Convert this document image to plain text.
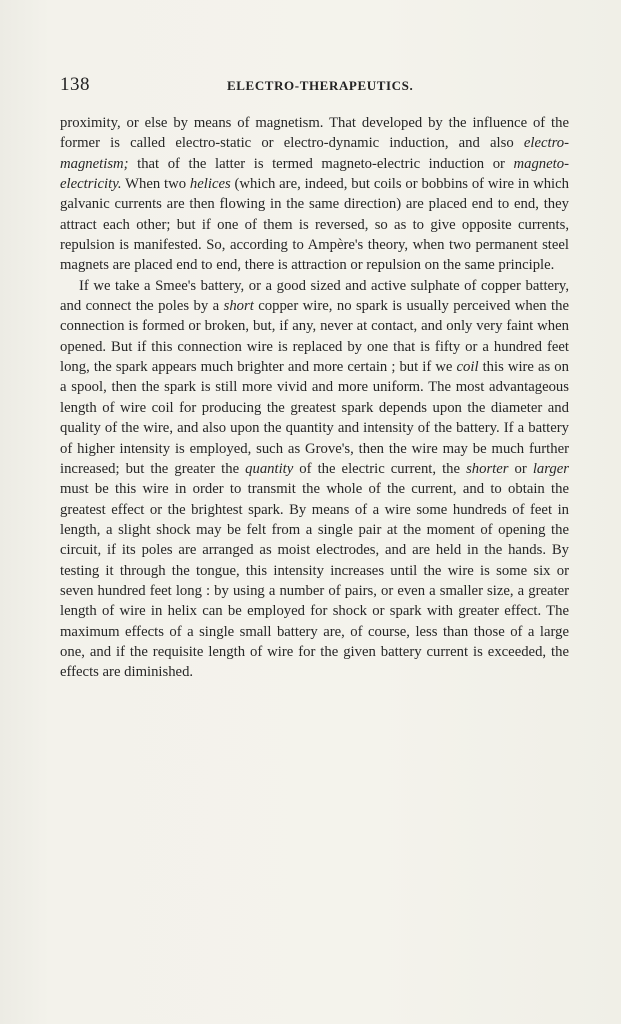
138	ELECTRO-THERAPEUTICS.

proximity, or else by means of magnetism. That developed by the influence of the former is called electro-static or electro-dynamic induction, and also electro-magnetism; that of the latter is termed magneto-electric induction or magneto-electricity. When two helices (which are, indeed, but coils or bobbins of wire in which galvanic currents are then flowing in the same direction) are placed end to end, they attract each other; but if one of them is reversed, so as to give opposite currents, repulsion is manifested. So, according to Ampère's theory, when two permanent steel magnets are placed end to end, there is attraction or repulsion on the same principle.

If we take a Smee's battery, or a good sized and active sulphate of copper battery, and connect the poles by a short copper wire, no spark is usually perceived when the connection is formed or broken, but, if any, never at contact, and only very faint when opened. But if this connection wire is replaced by one that is fifty or a hundred feet long, the spark appears much brighter and more certain ; but if we coil this wire as on a spool, then the spark is still more vivid and more uniform. The most advantageous length of wire coil for producing the greatest spark depends upon the diameter and quality of the wire, and also upon the quantity and intensity of the battery. If a battery of higher intensity is employed, such as Grove's, then the wire may be much further increased; but the greater the quantity of the electric current, the shorter or larger must be this wire in order to transmit the whole of the current, and to obtain the greatest effect or the brightest spark. By means of a wire some hundreds of feet in length, a slight shock may be felt from a single pair at the moment of opening the circuit, if its poles are arranged as moist electrodes, and are held in the hands. By testing it through the tongue, this intensity increases until the wire is some six or seven hundred feet long : by using a number of pairs, or even a smaller size, a greater length of wire in helix can be employed for shock or spark with greater effect. The maximum effects of a single small battery are, of course, less than those of a large one, and if the requisite length of wire for the given battery current is exceeded, the effects are diminished.
